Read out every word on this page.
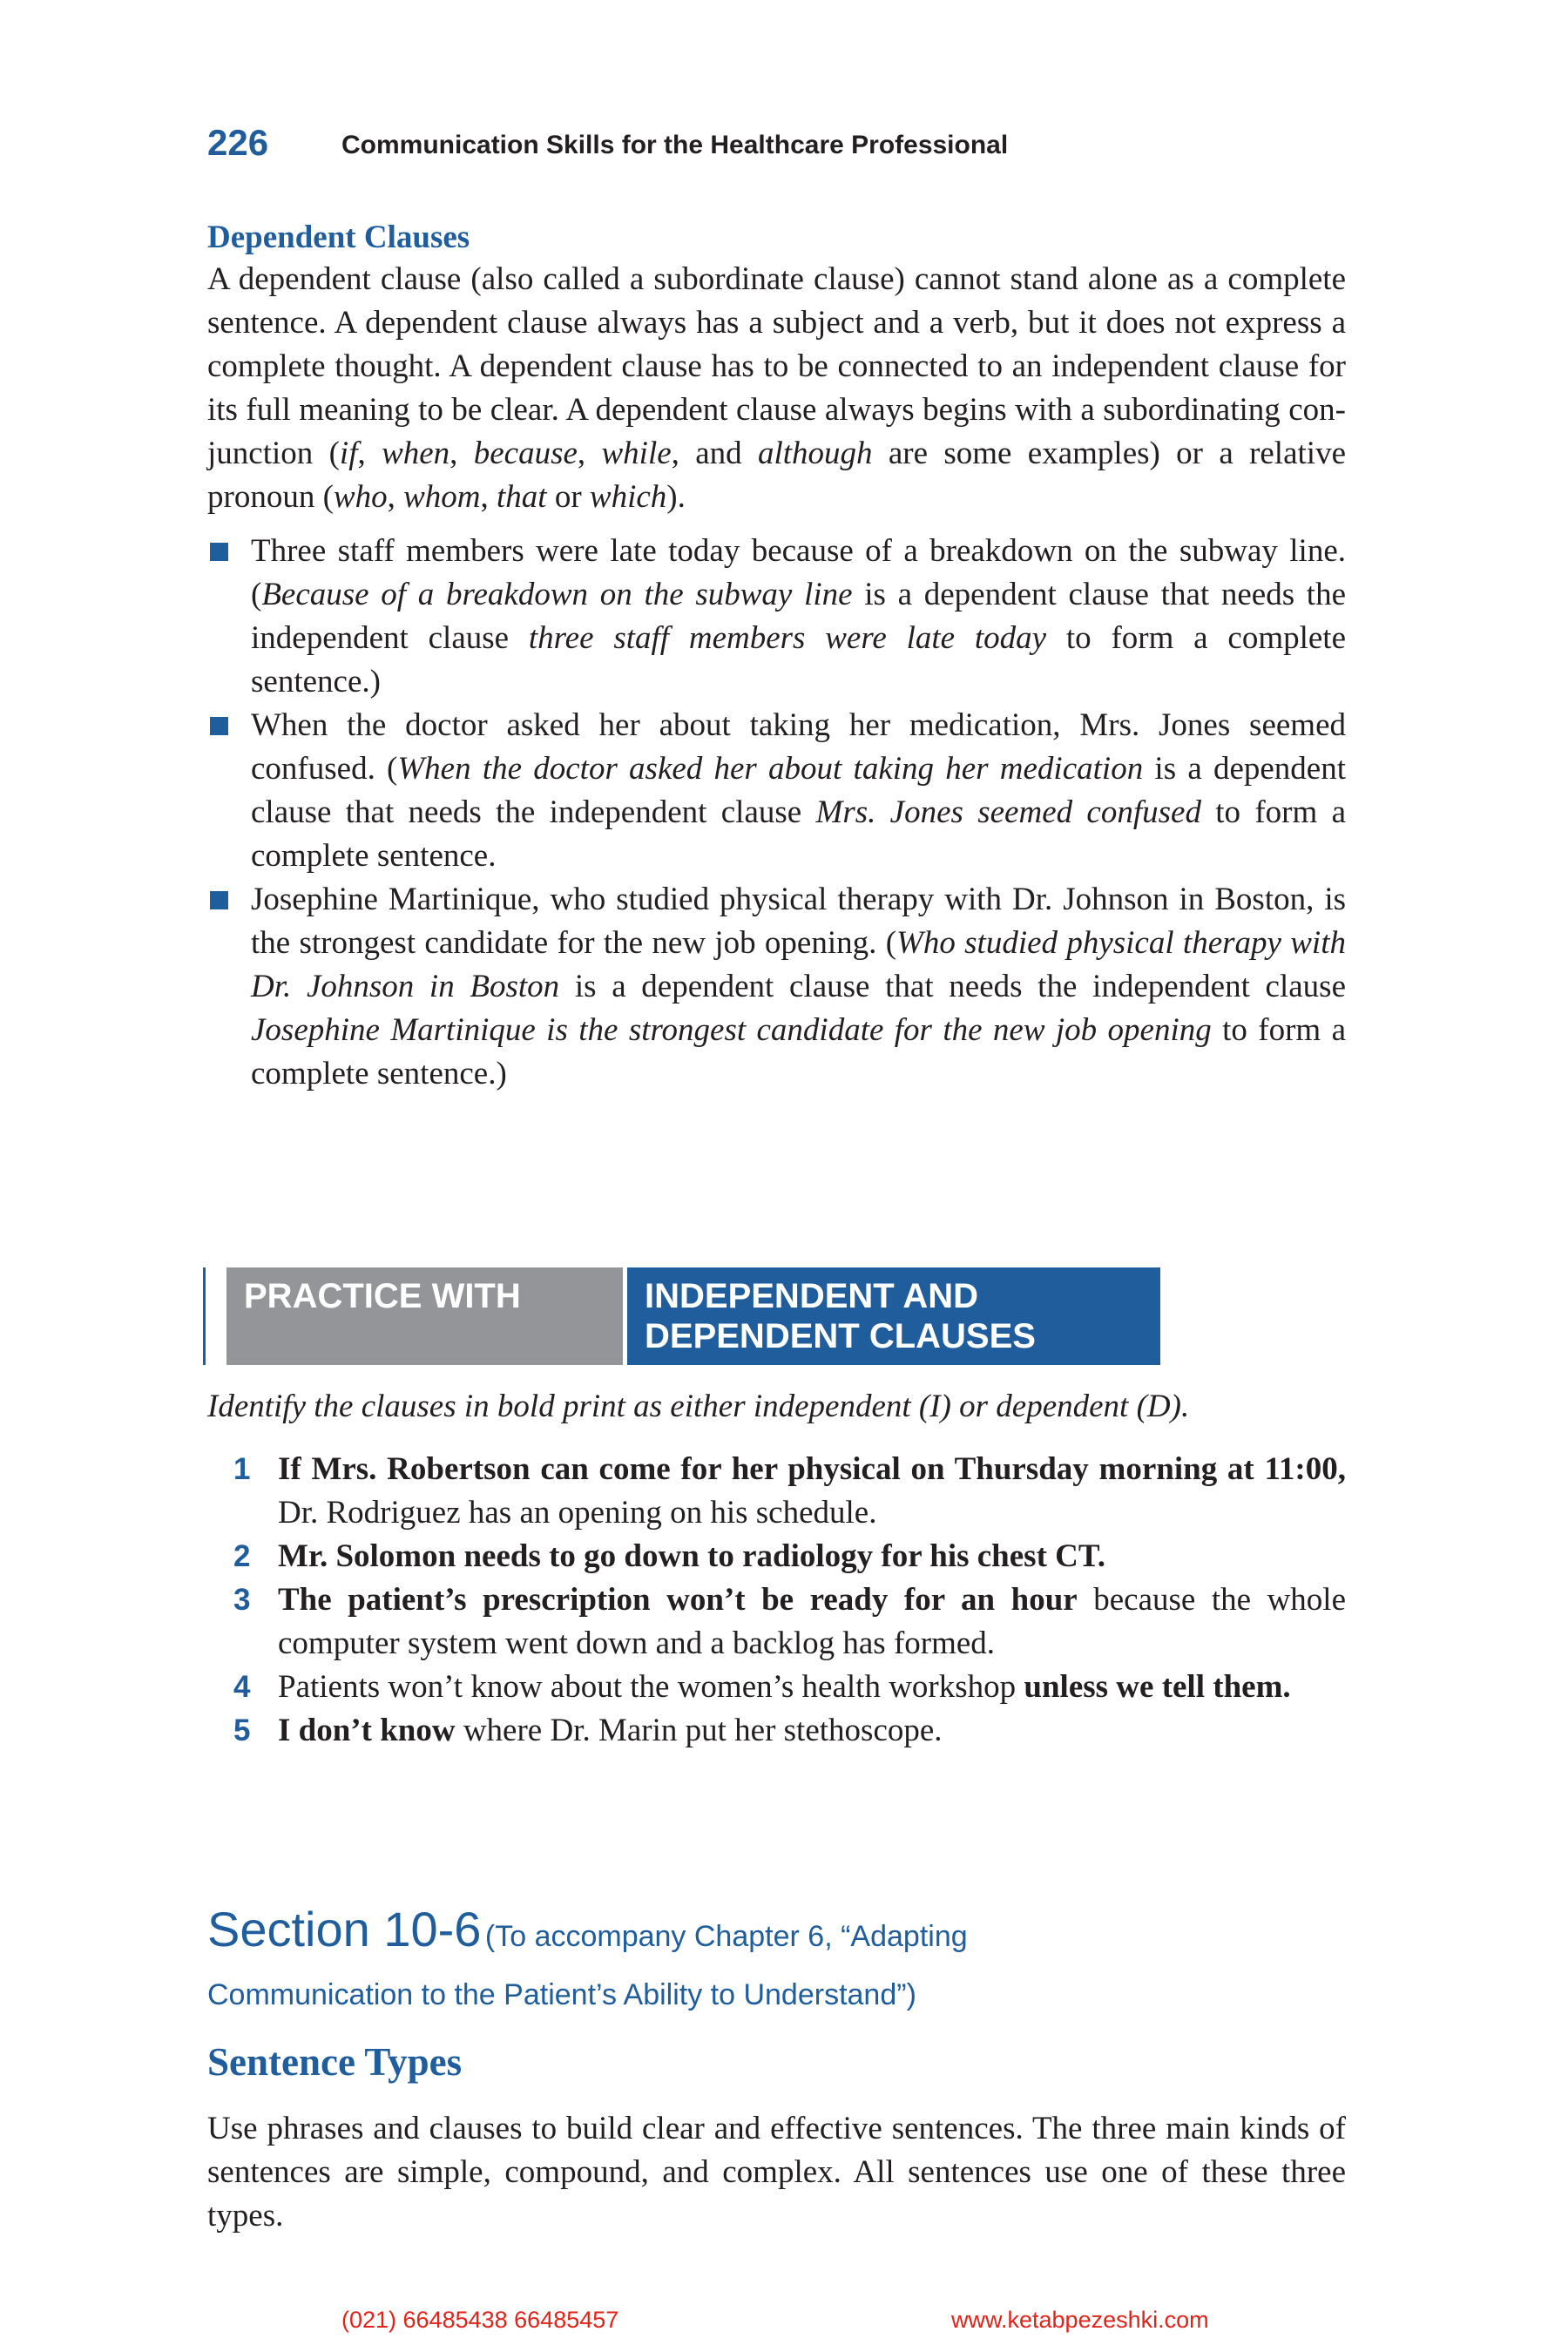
226	Communication Skills for the Healthcare Professional
Dependent Clauses

A dependent clause (also called a subordinate clause) cannot stand alone as a complete sentence. A dependent clause always has a subject and a verb, but it does not express a complete thought. A dependent clause has to be connected to an independent clause for its full meaning to be clear. A dependent clause always begins with a subordinating conjunction (if, when, because, while, and although are some examples) or a relative pronoun (who, whom, that or which).

Three staff members were late today because of a breakdown on the subway line. (Because of a breakdown on the subway line is a dependent clause that needs the independent clause three staff members were late today to form a complete sentence.)
When the doctor asked her about taking her medication, Mrs. Jones seemed confused. (When the doctor asked her about taking her medication is a dependent clause that needs the independent clause Mrs. Jones seemed confused to form a complete sentence.
Josephine Martinique, who studied physical therapy with Dr. Johnson in Boston, is the strongest candidate for the new job opening. (Who studied physical therapy with Dr. Johnson in Boston is a dependent clause that needs the independent clause Josephine Martinique is the strongest candidate for the new job opening to form a complete sentence.)
PRACTICE WITH	INDEPENDENT AND
DEPENDENT CLAUSES

Identify the clauses in bold print as either independent (I) or dependent (D).

1 If Mrs. Robertson can come for her physical on Thursday morning at 11:00, Dr. Rodriguez has an opening on his schedule.
2 Mr. Solomon needs to go down to radiology for his chest CT.
3 The patient’s prescription won’t be ready for an hour because the whole computer system went down and a backlog has formed.
4 Patients won’t know about the women’s health workshop unless we tell them.
5 I don’t know where Dr. Marin put her stethoscope.
Section 10-6 (To accompany Chapter 6, “Adapting
Communication to the Patient’s Ability to Understand”)
Sentence Types

Use phrases and clauses to build clear and effective sentences. The three main kinds of sentences are simple, compound, and complex. All sentences use one of these three types.

(021) 66485438 66485457	www.ketabpezeshki.com
